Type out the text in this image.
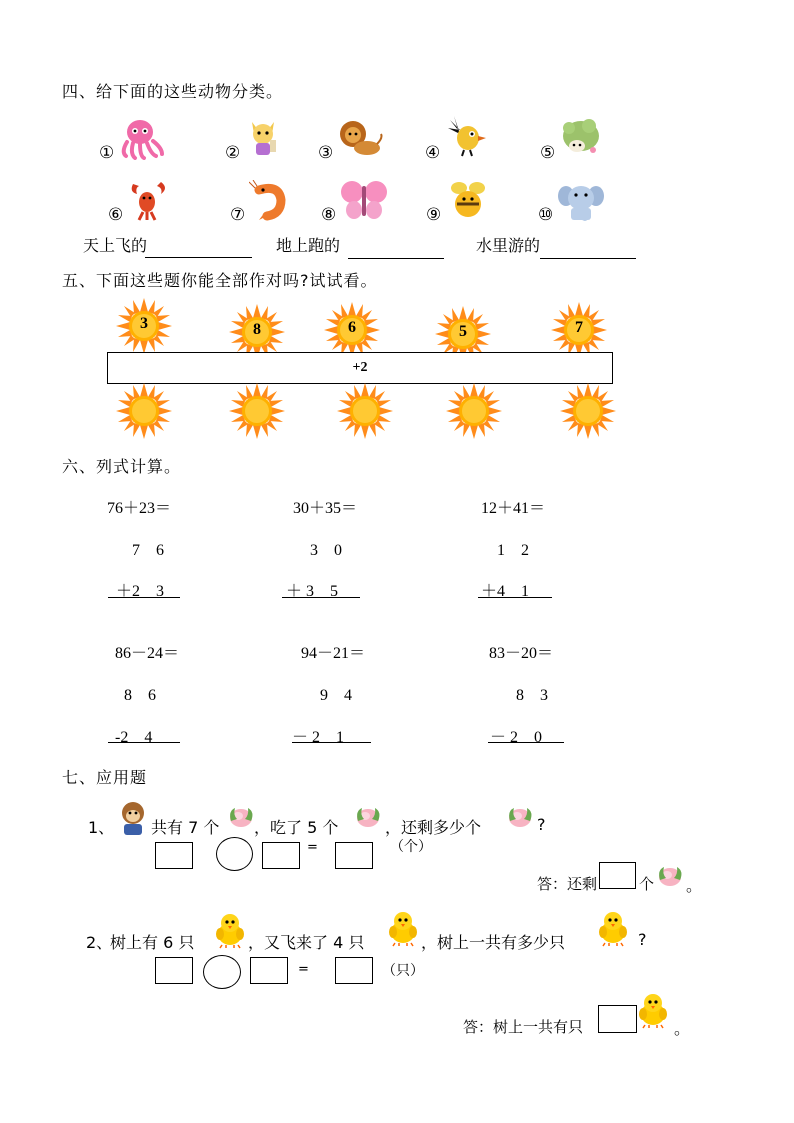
四、给下面的这些动物分类。
①	②	③	④	⑤
⑥	⑦	⑧	⑨	⑩
天上飞的	地上跑的	水里游的
五、下面这些题你能全部作对吗?试试看。
3	8	6	5	7
+2
六、列式计算。
76＋23＝
7　6
＋2　3
30＋35＝
3　0
＋ 3　5
12＋41＝
1　2
＋4　1
86－24＝
8　6
-2　4
94－21＝
9　4
－ 2　1
83－20＝
8　3
－ 2　0
七、应用题
1、 共有 7 个 ，吃了 5 个	，还剩多少个	?
=	（个）
答：还剩	个 。
2、
树上有 6 只	，又飞来了 4 只	，树上一共有多少只	?
=	（只）
答：树上一共有只	。
